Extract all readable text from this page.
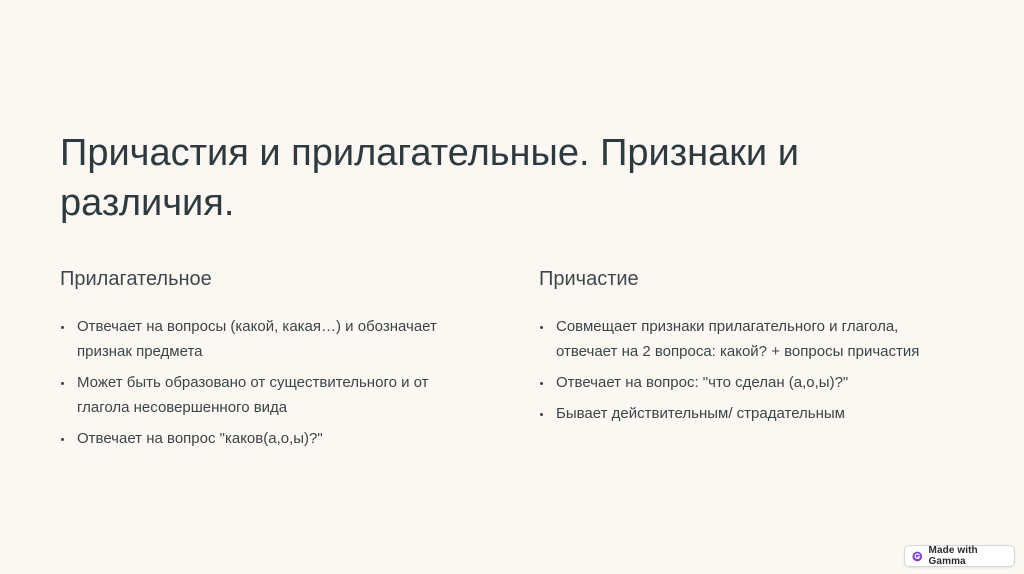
Причастия и прилагательные. Признаки и различия.
Прилагательное
Отвечает на вопросы (какой, какая…) и обозначает признак предмета
Может быть образовано от существительного и от глагола несовершенного вида
Отвечает на вопрос "каков(а,о,ы)?"
Причастие
Совмещает признаки прилагательного и глагола, отвечает на 2 вопроса: какой? + вопросы причастия
Отвечает на вопрос: "что сделан (а,о,ы)?"
Бывает действительным/ страдательным
Made with Gamma
